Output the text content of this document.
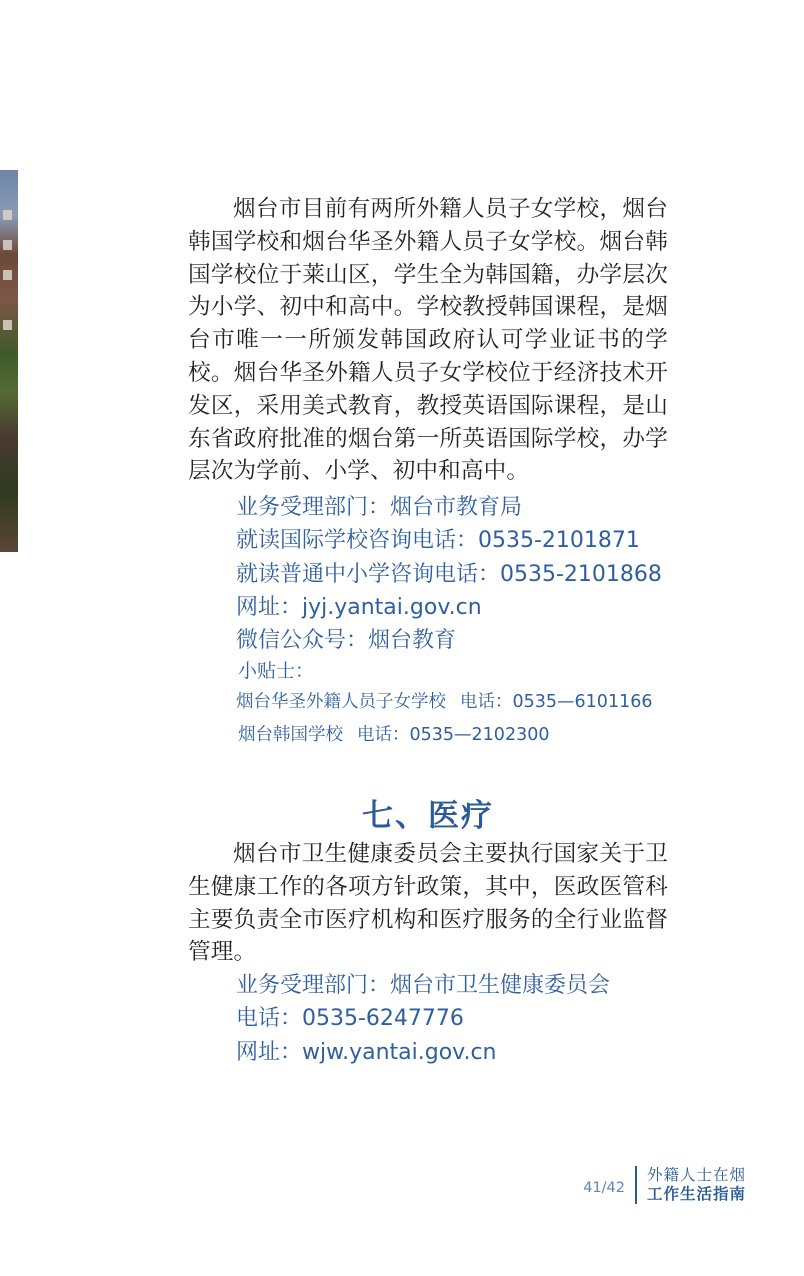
烟台市目前有两所外籍人员子女学校，烟台韩国学校和烟台华圣外籍人员子女学校。烟台韩国学校位于莱山区，学生全为韩国籍，办学层次为小学、初中和高中。学校教授韩国课程，是烟台市唯一一所颁发韩国政府认可学业证书的学校。烟台华圣外籍人员子女学校位于经济技术开发区，采用美式教育，教授英语国际课程，是山东省政府批准的烟台第一所英语国际学校，办学层次为学前、小学、初中和高中。

业务受理部门：烟台市教育局
就读国际学校咨询电话：0535-2101871
就读普通中小学咨询电话：0535-2101868
网址：jyj.yantai.gov.cn
微信公众号：烟台教育
小贴士：
烟台华圣外籍人员子女学校 电话：0535—6101166
烟台韩国学校 电话：0535—2102300
七、医疗

烟台市卫生健康委员会主要执行国家关于卫生健康工作的各项方针政策，其中，医政医管科主要负责全市医疗机构和医疗服务的全行业监督管理。

业务受理部门：烟台市卫生健康委员会
电话：0535-6247776
网址：wjw.yantai.gov.cn
41/42
外籍人士在烟
工作生活指南
